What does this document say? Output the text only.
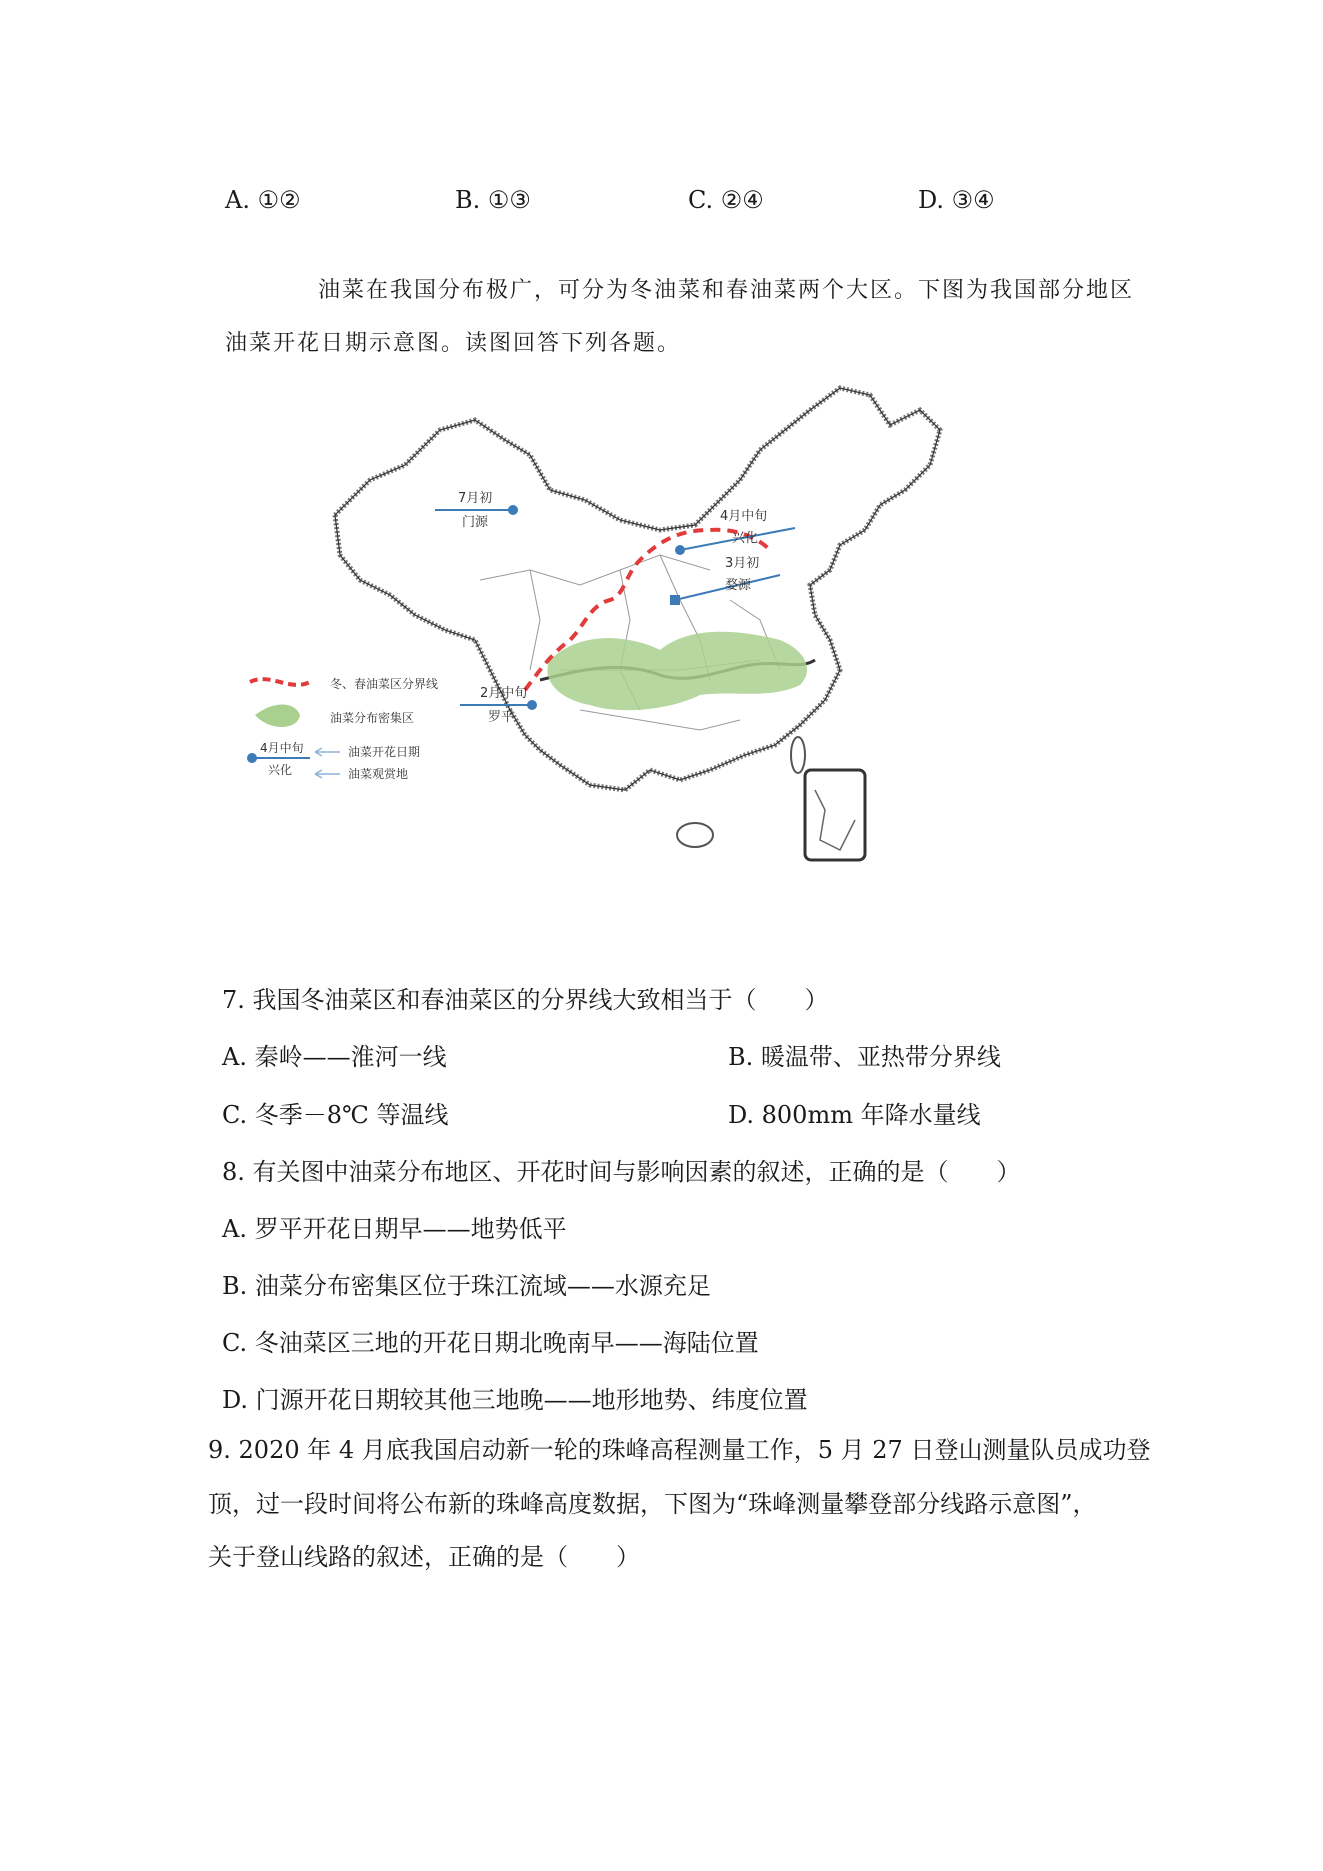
A. ①②	B. ①③	C. ②④	D. ③④
油菜在我国分布极广，可分为冬油菜和春油菜两个大区。下图为我国部分地区
油菜开花日期示意图。读图回答下列各题。
7月初
门源	4月中旬
兴化
3月初
婺源
2月中旬
罗平
冬、春油菜区分界线
油菜分布密集区
4月中旬
兴化
油菜开花日期
油菜观赏地
7. 我国冬油菜区和春油菜区的分界线大致相当于（　　）
A. 秦岭——淮河一线	B. 暖温带、亚热带分界线
C. 冬季－8℃ 等温线	D. 800mm 年降水量线
8. 有关图中油菜分布地区、开花时间与影响因素的叙述，正确的是（　　）
A. 罗平开花日期早——地势低平
B. 油菜分布密集区位于珠江流域——水源充足
C. 冬油菜区三地的开花日期北晚南早——海陆位置
D. 门源开花日期较其他三地晚——地形地势、纬度位置
9. 2020 年 4 月底我国启动新一轮的珠峰高程测量工作，5 月 27 日登山测量队员成功登
顶，过一段时间将公布新的珠峰高度数据，下图为“珠峰测量攀登部分线路示意图”，
关于登山线路的叙述，正确的是（　　）
